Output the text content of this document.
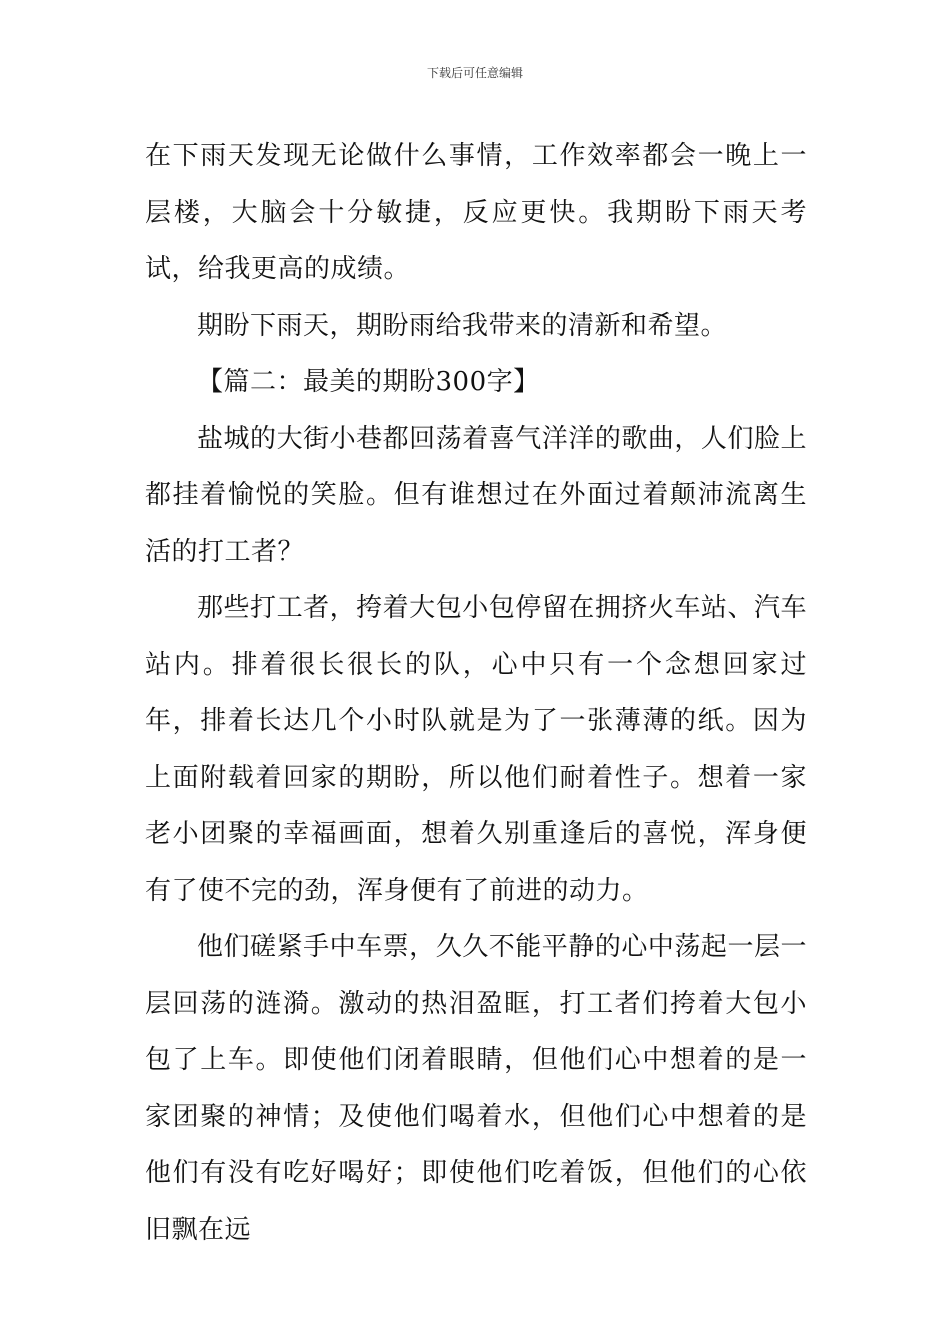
下载后可任意编辑

在下雨天发现无论做什么事情，工作效率都会一晚上一层楼，大脑会十分敏捷，反应更快。我期盼下雨天考试，给我更高的成绩。

期盼下雨天，期盼雨给我带来的清新和希望。

【篇二：最美的期盼300字】

盐城的大街小巷都回荡着喜气洋洋的歌曲，人们脸上都挂着愉悦的笑脸。但有谁想过在外面过着颠沛流离生活的打工者？

那些打工者，挎着大包小包停留在拥挤火车站、汽车站内。排着很长很长的队，心中只有一个念想回家过年，排着长达几个小时队就是为了一张薄薄的纸。因为上面附载着回家的期盼，所以他们耐着性子。想着一家老小团聚的幸福画面，想着久别重逢后的喜悦，浑身便有了使不完的劲，浑身便有了前进的动力。

他们磋紧手中车票，久久不能平静的心中荡起一层一层回荡的涟漪。激动的热泪盈眶，打工者们挎着大包小包了上车。即使他们闭着眼睛，但他们心中想着的是一家团聚的神情；及使他们喝着水，但他们心中想着的是他们有没有吃好喝好；即使他们吃着饭，但他们的心依旧飘在远
